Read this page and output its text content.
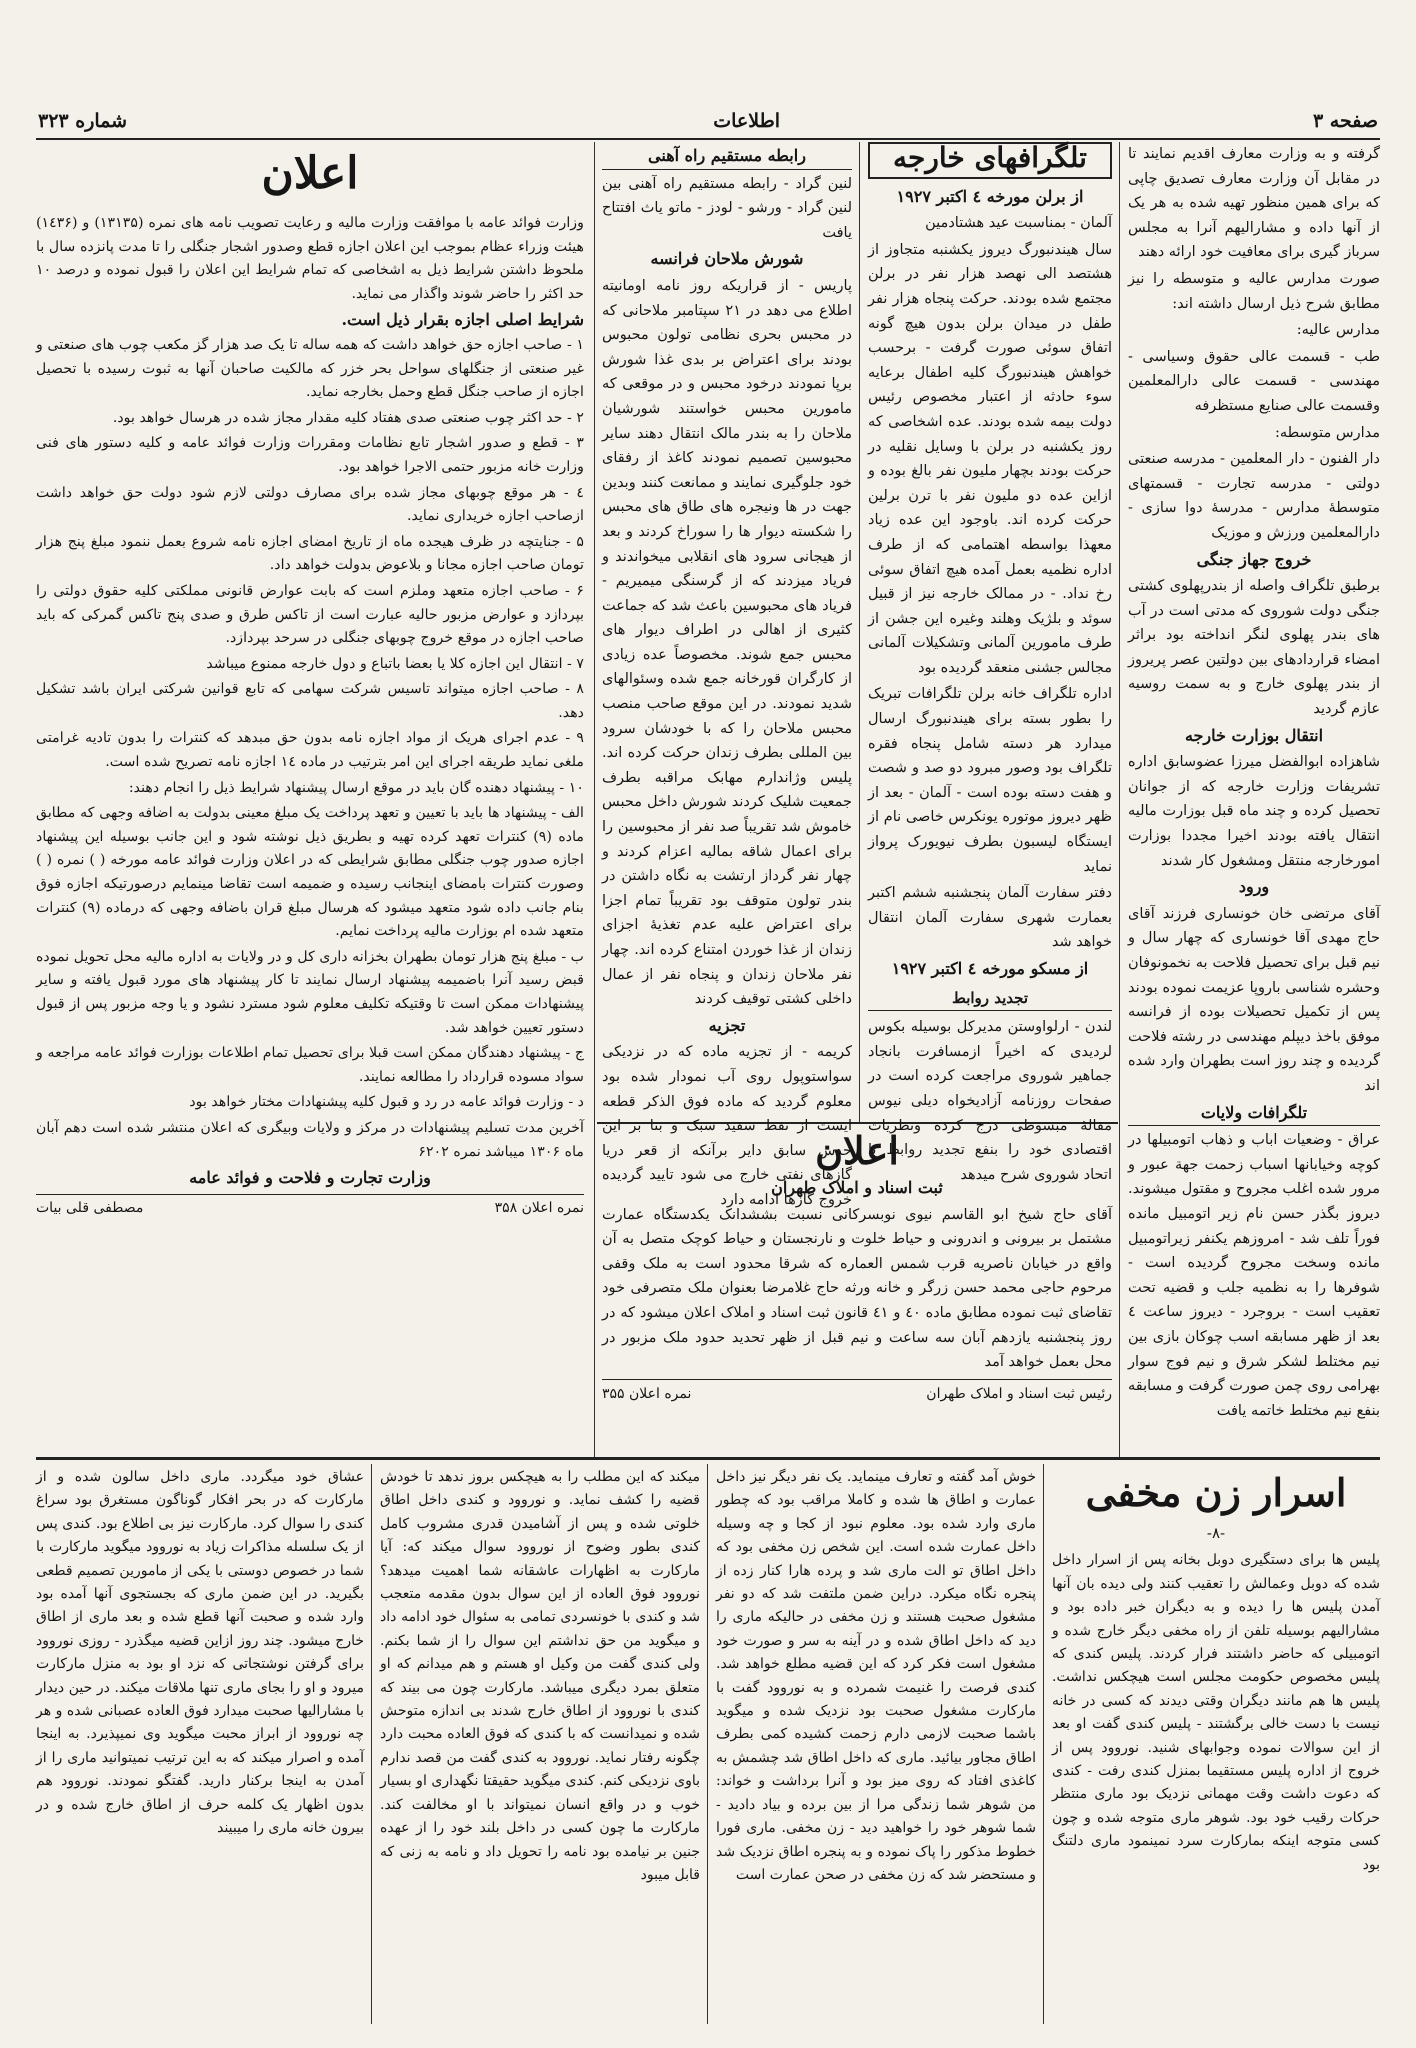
صفحه ۳
اطلاعات
شماره ۳۲۳

گرفته و به وزارت معارف اقدیم نمایند تا در مقابل آن وزارت معارف تصدیق چاپی که برای همین منظور تهیه شده به هر یک از آنها داده و مشارالیهم آنرا به مجلس سرباز گیری برای معافیت خود ارائه دهند

صورت مدارس عالیه و متوسطه را نیز مطابق شرح ذیل ارسال داشته اند:

مدارس عالیه:

طب - قسمت عالی حقوق وسیاسی - مهندسی - قسمت عالی دارالمعلمین وقسمت عالی صنایع مستظرفه

مدارس متوسطه:

دار الفنون - دار المعلمین - مدرسه صنعتی دولتی - مدرسه تجارت - قسمتهای متوسطهٔ مدارس - مدرسهٔ دوا سازی - دارالمعلمین ورزش و موزیک

خروج جهاز جنگی

برطبق تلگراف واصله از بندرپهلوی کشتی جنگی دولت شوروی که مدتی است در آب های بندر پهلوی لنگر انداخته بود براثر امضاء قراردادهای بین دولتین عصر پریروز از بندر پهلوی خارج و به سمت روسیه عازم گردید

انتقال بوزارت خارجه

شاهزاده ابوالفضل میرزا عضوسابق اداره تشریفات وزارت خارجه که از جوانان تحصیل کرده و چند ماه قبل بوزارت مالیه انتقال یافته بودند اخیرا مجددا بوزارت امورخارجه منتقل ومشغول کار شدند

ورود

آقای مرتضی خان خونساری فرزند آقای حاج مهدی آقا خونساری که چهار سال و نیم قبل برای تحصیل فلاحت به نخمونوفان وحشره شناسی باروپا عزیمت نموده بودند پس از تکمیل تحصیلات بوده از فرانسه موفق باخذ دیپلم مهندسی در رشته فلاحت گردیده و چند روز است بطهران وارد شده اند

تلگرافات ولایات

عراق - وضعیات اباب و ذهاب اتومبیلها در کوچه وخیابانها اسباب زحمت جهة عبور و مرور شده اغلب مجروح و مقتول میشوند. دیروز بگذر حسن نام زیر اتومبیل مانده فوراً تلف شد - امروزهم یکنفر زیراتومبیل مانده وسخت مجروح گردیده است - شوفرها را به نظمیه جلب و قضیه تحت تعقیب است - بروجرد - دیروز ساعت ٤ بعد از ظهر مسابقه اسب چوکان بازی بین نیم مختلط لشکر شرق و نیم فوج سوار بهرامی روی چمن صورت گرفت و مسابقه بنفع نیم مختلط خاتمه یافت

تلگرافهای خارجه
از برلن مورخه ٤ اکتبر ۱۹۲۷

آلمان - بمناسبت عید هشتادمین

سال هیندنبورگ دیروز یکشنبه متجاوز از هشتصد الی نهصد هزار نفر در برلن مجتمع شده بودند. حرکت پنجاه هزار نفر طفل در میدان برلن بدون هیچ گونه اتفاق سوئی صورت گرفت - برحسب خواهش هیندنبورگ کلیه اطفال برعایه سوء حادثه از اعتبار مخصوص رئیس دولت بیمه شده بودند. عده اشخاصی که روز یکشنبه در برلن با وسایل نقلیه در حرکت بودند بچهار ملیون نفر بالغ بوده و ازاین عده دو ملیون نفر با ترن برلین حرکت کرده اند. باوجود این عده زیاد معهذا بواسطه اهتمامی که از طرف اداره نظمیه بعمل آمده هیچ اتفاق سوئی رخ نداد. - در ممالک خارجه نیز از قبیل سوئد و بلژیک وهلند وغیره این جشن از طرف مامورین آلمانی وتشکیلات آلمانی مجالس جشنی منعقد گردیده بود

اداره تلگراف خانه برلن تلگرافات تبریک را بطور بسته برای هیندنبورگ ارسال میدارد هر دسته شامل پنجاه فقره تلگراف بود وصور مبرود دو صد و شصت و هفت دسته بوده است - آلمان - بعد از ظهر دیروز موتوره یونکرس خاصی نام از ایستگاه لیسبون بطرف نیویورک پرواز نماید

دفتر سفارت آلمان پنجشنبه ششم اکتبر بعمارت شهری سفارت آلمان انتقال خواهد شد

از مسکو مورخه ٤ اکتبر ۱۹۲۷
تجدید روابط

لندن - ارلواوستن مدیرکل بوسیله بکوس لردیدی که اخیراً ازمسافرت بانجاد جماهیر شوروی مراجعت کرده است در صفحات روزنامه آزادیخواه دیلی نیوس مقالهٔ مبسوطی درج کرده ونظریات اقتصادی خود را بنفع تجدید روابط با اتحاد شوروی شرح میدهد

رابطه مستقیم راه آهنی

لنین گراد - رابطه مستقیم راه آهنی بین لنین گراد - ورشو - لودز - ماتو یاث افتتاح یافت

شورش ملاحان فرانسه

پاریس - از قراریکه روز نامه اومانیته اطلاع می دهد در ۲۱ سپتامبر ملاحانی که در محبس بحری نظامی تولون محبوس بودند برای اعتراض بر بدی غذا شورش برپا نمودند درخود محبس و در موقعی که مامورین محبس خواستند شورشیان ملاحان را به بندر مالک انتقال دهند سایر محبوسین تصمیم نمودند کاغذ از رفقای خود جلوگیری نمایند و ممانعت کنند وبدین جهت در ها ونیجره های طاق های محبس را شکسته دیوار ها را سوراخ کردند و بعد از هیجانی سرود های انقلابی میخواندند و فریاد میزدند که از گرسنگی میمیریم - فریاد های محبوسین باعث شد که جماعت کثیری از اهالی در اطراف دیوار های محبس جمع شوند. مخصوصاً عده زیادی از کارگران قورخانه جمع شده وسئوالهای شدید نمودند. در این موقع صاحب منصب محبس ملاحان را که با خودشان سرود بین المللی بطرف زندان حرکت کرده اند. پلیس وژاندارم مهابک مراقبه بطرف جمعیت شلیک کردند شورش داخل محبس خاموش شد تقریباً صد نفر از محبوسین را برای اعمال شاقه بمالیه اعزام کردند و چهار نفر گرداز ارتشت به نگاه داشتن در بندر تولون متوقف بود تقریباً تمام اجزا برای اعتراض علیه عدم تغذیهٔ اجزای زندان از غذا خوردن امتناع کرده اند. چهار نفر ملاحان زندان و پنجاه نفر از عمال داخلی کشتی توقیف کردند

تجزیه

کریمه - از تجزیه ماده که در نزدیکی سواستوپول روی آب نمودار شده بود معلوم گردید که ماده فوق الذکر قطعه ایست از نفط سفید سبک و بنا بر این حدس سابق دایر برآنکه از قعر دریا گازهای نفتی خارج می شود تایید گردیده خروج گازها ادامه دارد

اعلان
ثبت اسناد و املاک طهران

آقای حاج شیخ ابو القاسم نیوی نوبسرکانی نسبت بششدانک یکدستگاه عمارت مشتمل بر بیرونی و اندرونی و حیاط خلوت و نارنجستان و حیاط کوچک متصل به آن واقع در خیابان ناصریه قرب شمس العماره که شرقا محدود است به ملک وقفی مرحوم حاجی محمد حسن زرگر و خانه ورثه حاج غلامرضا بعنوان ملک متصرفی خود تقاضای ثبت نموده مطابق ماده ٤۰ و ٤١ قانون ثبت اسناد و املاک اعلان میشود که در روز پنجشنبه یازدهم آبان سه ساعت و نیم قبل از ظهر تحدید حدود ملک مزبور در محل بعمل خواهد آمد

رئیس ثبت اسناد و املاک طهران
نمره اعلان ۳۵۵
اعلان

وزارت فوائد عامه با موافقت وزارت مالیه و رعایت تصویب نامه های نمره (۱۳۱۳۵) و (۱٤۳۶) هیئت وزراء عظام بموجب این اعلان اجازه قطع وصدور اشجار جنگلی را تا مدت پانزده سال با ملحوظ داشتن شرایط ذیل به اشخاصی که تمام شرایط این اعلان را قبول نموده و درصد ۱۰ حد اکثر را حاضر شوند واگذار می نماید.

شرایط اصلی اجازه بقرار ذیل است.

۱ - صاحب اجازه حق خواهد داشت که همه ساله تا یک صد هزار گز مکعب چوب های صنعتی و غیر صنعتی از جنگلهای سواحل بحر خزر که مالکیت صاحبان آنها به ثبوت رسیده با تحصیل اجازه از صاحب جنگل قطع وحمل بخارجه نماید.

۲ - حد اکثر چوب صنعتی صدی هفتاد کلیه مقدار مجاز شده در هرسال خواهد بود.

۳ - قطع و صدور اشجار تابع نظامات ومقررات وزارت فوائد عامه و کلیه دستور های فنی وزارت خانه مزبور حتمی الاجرا خواهد بود.

٤ - هر موقع چوبهای مجاز شده برای مصارف دولتی لازم شود دولت حق خواهد داشت ازصاحب اجازه خریداری نماید.

۵ - جنایتچه در ظرف هیجده ماه از تاریخ امضای اجازه نامه شروع بعمل ننمود مبلغ پنج هزار تومان صاحب اجازه مجانا و بلاعوض بدولت خواهد داد.

۶ - صاحب اجازه متعهد وملزم است که بابت عوارض قانونی مملکتی کلیه حقوق دولتی را بپردازد و عوارض مزبور حالیه عبارت است از تاکس طرق و صدی پنج تاکس گمرکی که باید صاحب اجازه در موقع خروج چوبهای جنگلی در سرحد بپردازد.

۷ - انتقال این اجازه کلا یا بعضا باتباع و دول خارجه ممنوع میباشد

۸ - صاحب اجازه میتواند تاسیس شرکت سهامی که تابع قوانین شرکتی ایران باشد تشکیل دهد.

۹ - عدم اجرای هریک از مواد اجازه نامه بدون حق مبدهد که کنترات را بدون تادیه غرامتی ملغی نماید طریقه اجرای این امر بترتیب در ماده ۱٤ اجازه نامه تصریح شده است.

۱۰ - پیشنهاد دهنده گان باید در موقع ارسال پیشنهاد شرایط ذیل را انجام دهند:

الف - پیشنهاد ها باید با تعیین و تعهد پرداخت یک مبلغ معینی بدولت به اضافه وجهی که مطابق ماده (۹) کنترات تعهد کرده تهیه و بطریق ذیل نوشته شود و این جانب بوسیله این پیشنهاد اجازه صدور چوب جنگلی مطابق شرایطی که در اعلان وزارت فوائد عامه مورخه ( ) نمره ( ) وصورت کنترات بامضای اینجانب رسیده و ضمیمه است تقاضا مینمایم درصورتیکه اجازه فوق بنام جانب داده شود متعهد میشود که هرسال مبلغ قران باضافه وجهی که درماده (۹) کنترات متعهد شده ام بوزارت مالیه پرداخت نمایم.

ب - مبلغ پنج هزار تومان بطهران بخزانه داری کل و در ولایات به اداره مالیه محل تحویل نموده قبض رسید آنرا باضمیمه پیشنهاد ارسال نمایند تا کار پیشنهاد های مورد قبول یافته و سایر پیشنهادات ممکن است تا وقتیکه تکلیف معلوم شود مسترد نشود و یا وجه مزبور پس از قبول دستور تعیین خواهد شد.

ج - پیشنهاد دهندگان ممکن است قبلا برای تحصیل تمام اطلاعات بوزارت فوائد عامه مراجعه و سواد مسوده قرارداد را مطالعه نمایند.

د - وزارت فوائد عامه در رد و قبول کلیه پیشنهادات مختار خواهد بود

آخرین مدت تسلیم پیشنهادات در مرکز و ولایات وبیگری که اعلان منتشر شده است دهم آبان ماه ۱۳۰۶ میباشد نمره ۶۲۰۲

وزارت تجارت و فلاحت و فوائد عامه
نمره اعلان ۳۵۸
مصطفی قلی بیات
اسرار زن مخفی
-۸-

پلیس ها برای دستگیری دوبل بخانه پس از اسرار داخل شده که دوبل وعمالش را تعقیب کنند ولی دیده بان آنها آمدن پلیس ها را دیده و به دیگران خبر داده بود و مشارالیهم بوسیله تلفن از راه مخفی دیگر خارج شده و اتومبیلی که حاضر داشتند فرار کردند. پلیس کندی که پلیس مخصوص حکومت مجلس است هیچکس نداشت. پلیس ها هم مانند دیگران وقتی دیدند که کسی در خانه نیست با دست خالی برگشتند - پلیس کندی گفت او بعد از این سوالات نموده وجوابهای شنید. نوروود پس از خروج از اداره پلیس مستقیما بمنزل کندی رفت - کندی که دعوت داشت وقت مهمانی نزدیک بود ماری منتظر حرکات رقیب خود بود. شوهر ماری متوجه شده و چون کسی متوجه اینکه بمارکارت سرد نمینمود ماری دلتنگ بود

خوش آمد گفته و تعارف مینماید. یک نفر دیگر نیز داخل عمارت و اطاق ها شده و کاملا مراقب بود که چطور ماری وارد شده بود. معلوم نبود از کجا و چه وسیله داخل عمارت شده است. این شخص زن مخفی بود که داخل اطاق تو الت ماری شد و پرده هارا کنار زده از پنجره نگاه میکرد. دراین ضمن ملتفت شد که دو نفر مشغول صحبت هستند و زن مخفی در حالیکه ماری را دید که داخل اطاق شده و در آینه به سر و صورت خود مشغول است فکر کرد که این قضیه مطلع خواهد شد. کندی فرصت را غنیمت شمرده و به نوروود گفت با مارکارت مشغول صحبت بود نزدیک شده و میگوید باشما صحبت لازمی دارم زحمت کشیده کمی بطرف اطاق مجاور بیائید. ماری که داخل اطاق شد چشمش به کاغذی افتاد که روی میز بود و آنرا برداشت و خواند: من شوهر شما زندگی مرا از بین برده و بیاد دادید - شما شوهر خود را خواهید دید - زن مخفی. ماری فورا خطوط مذکور را پاک نموده و به پنجره اطاق نزدیک شد و مستحضر شد که زن مخفی در صحن عمارت است

میکند که این مطلب را به هیچکس بروز ندهد تا خودش قضیه را کشف نماید. و نوروود و کندی داخل اطاق خلوتی شده و پس از آشامیدن قدری مشروب کامل کندی بطور وضوح از نوروود سوال میکند که: آیا مارکارت به اظهارات عاشقانه شما اهمیت میدهد؟ نوروود فوق العاده از این سوال بدون مقدمه متعجب شد و کندی با خونسردی تمامی به سئوال خود ادامه داد و میگوید من حق نداشتم این سوال را از شما بکنم. ولی کندی گفت من وکیل او هستم و هم میدانم که او متعلق بمرد دیگری میباشد. مارکارت چون می بیند که کندی با نوروود از اطاق خارج شدند بی اندازه متوحش شده و نمیدانست که با کندی که فوق العاده محبت دارد چگونه رفتار نماید. نوروود به کندی گفت من قصد ندارم باوی نزدیکی کنم. کندی میگوید حقیقتا نگهداری او بسیار خوب و در واقع انسان نمیتواند با او مخالفت کند. مارکارت ما چون کسی در داخل بلند خود را از عهده جنین بر نیامده بود نامه را تحویل داد و نامه به زنی که قابل میبود

عشاق خود میگردد. ماری داخل سالون شده و از مارکارت که در بحر افکار گوناگون مستغرق بود سراغ کندی را سوال کرد. مارکارت نیز بی اطلاع بود. کندی پس از یک سلسله مذاکرات زیاد به نوروود میگوید مارکارت با شما در خصوص دوستی با یکی از مامورین تصمیم قطعی بگیرید. در این ضمن ماری که بجستجوی آنها آمده بود وارد شده و صحبت آنها قطع شده و بعد ماری از اطاق خارج میشود. چند روز ازاین قضیه میگذرد - روزی نوروود برای گرفتن نوشتجاتی که نزد او بود به منزل مارکارت میرود و او را بجای ماری تنها ملاقات میکند. در حین دیدار با مشارالیها صحبت میدارد فوق العاده عصبانی شده و هر چه نوروود از ابراز محبت میگوید وی نمیپذیرد. به اینجا آمده و اصرار میکند که به این ترتیب نمیتوانید ماری را از آمدن به اینجا برکنار دارید. گفتگو نمودند. نوروود هم بدون اظهار یک کلمه حرف از اطاق خارج شده و در بیرون خانه ماری را میبیند
